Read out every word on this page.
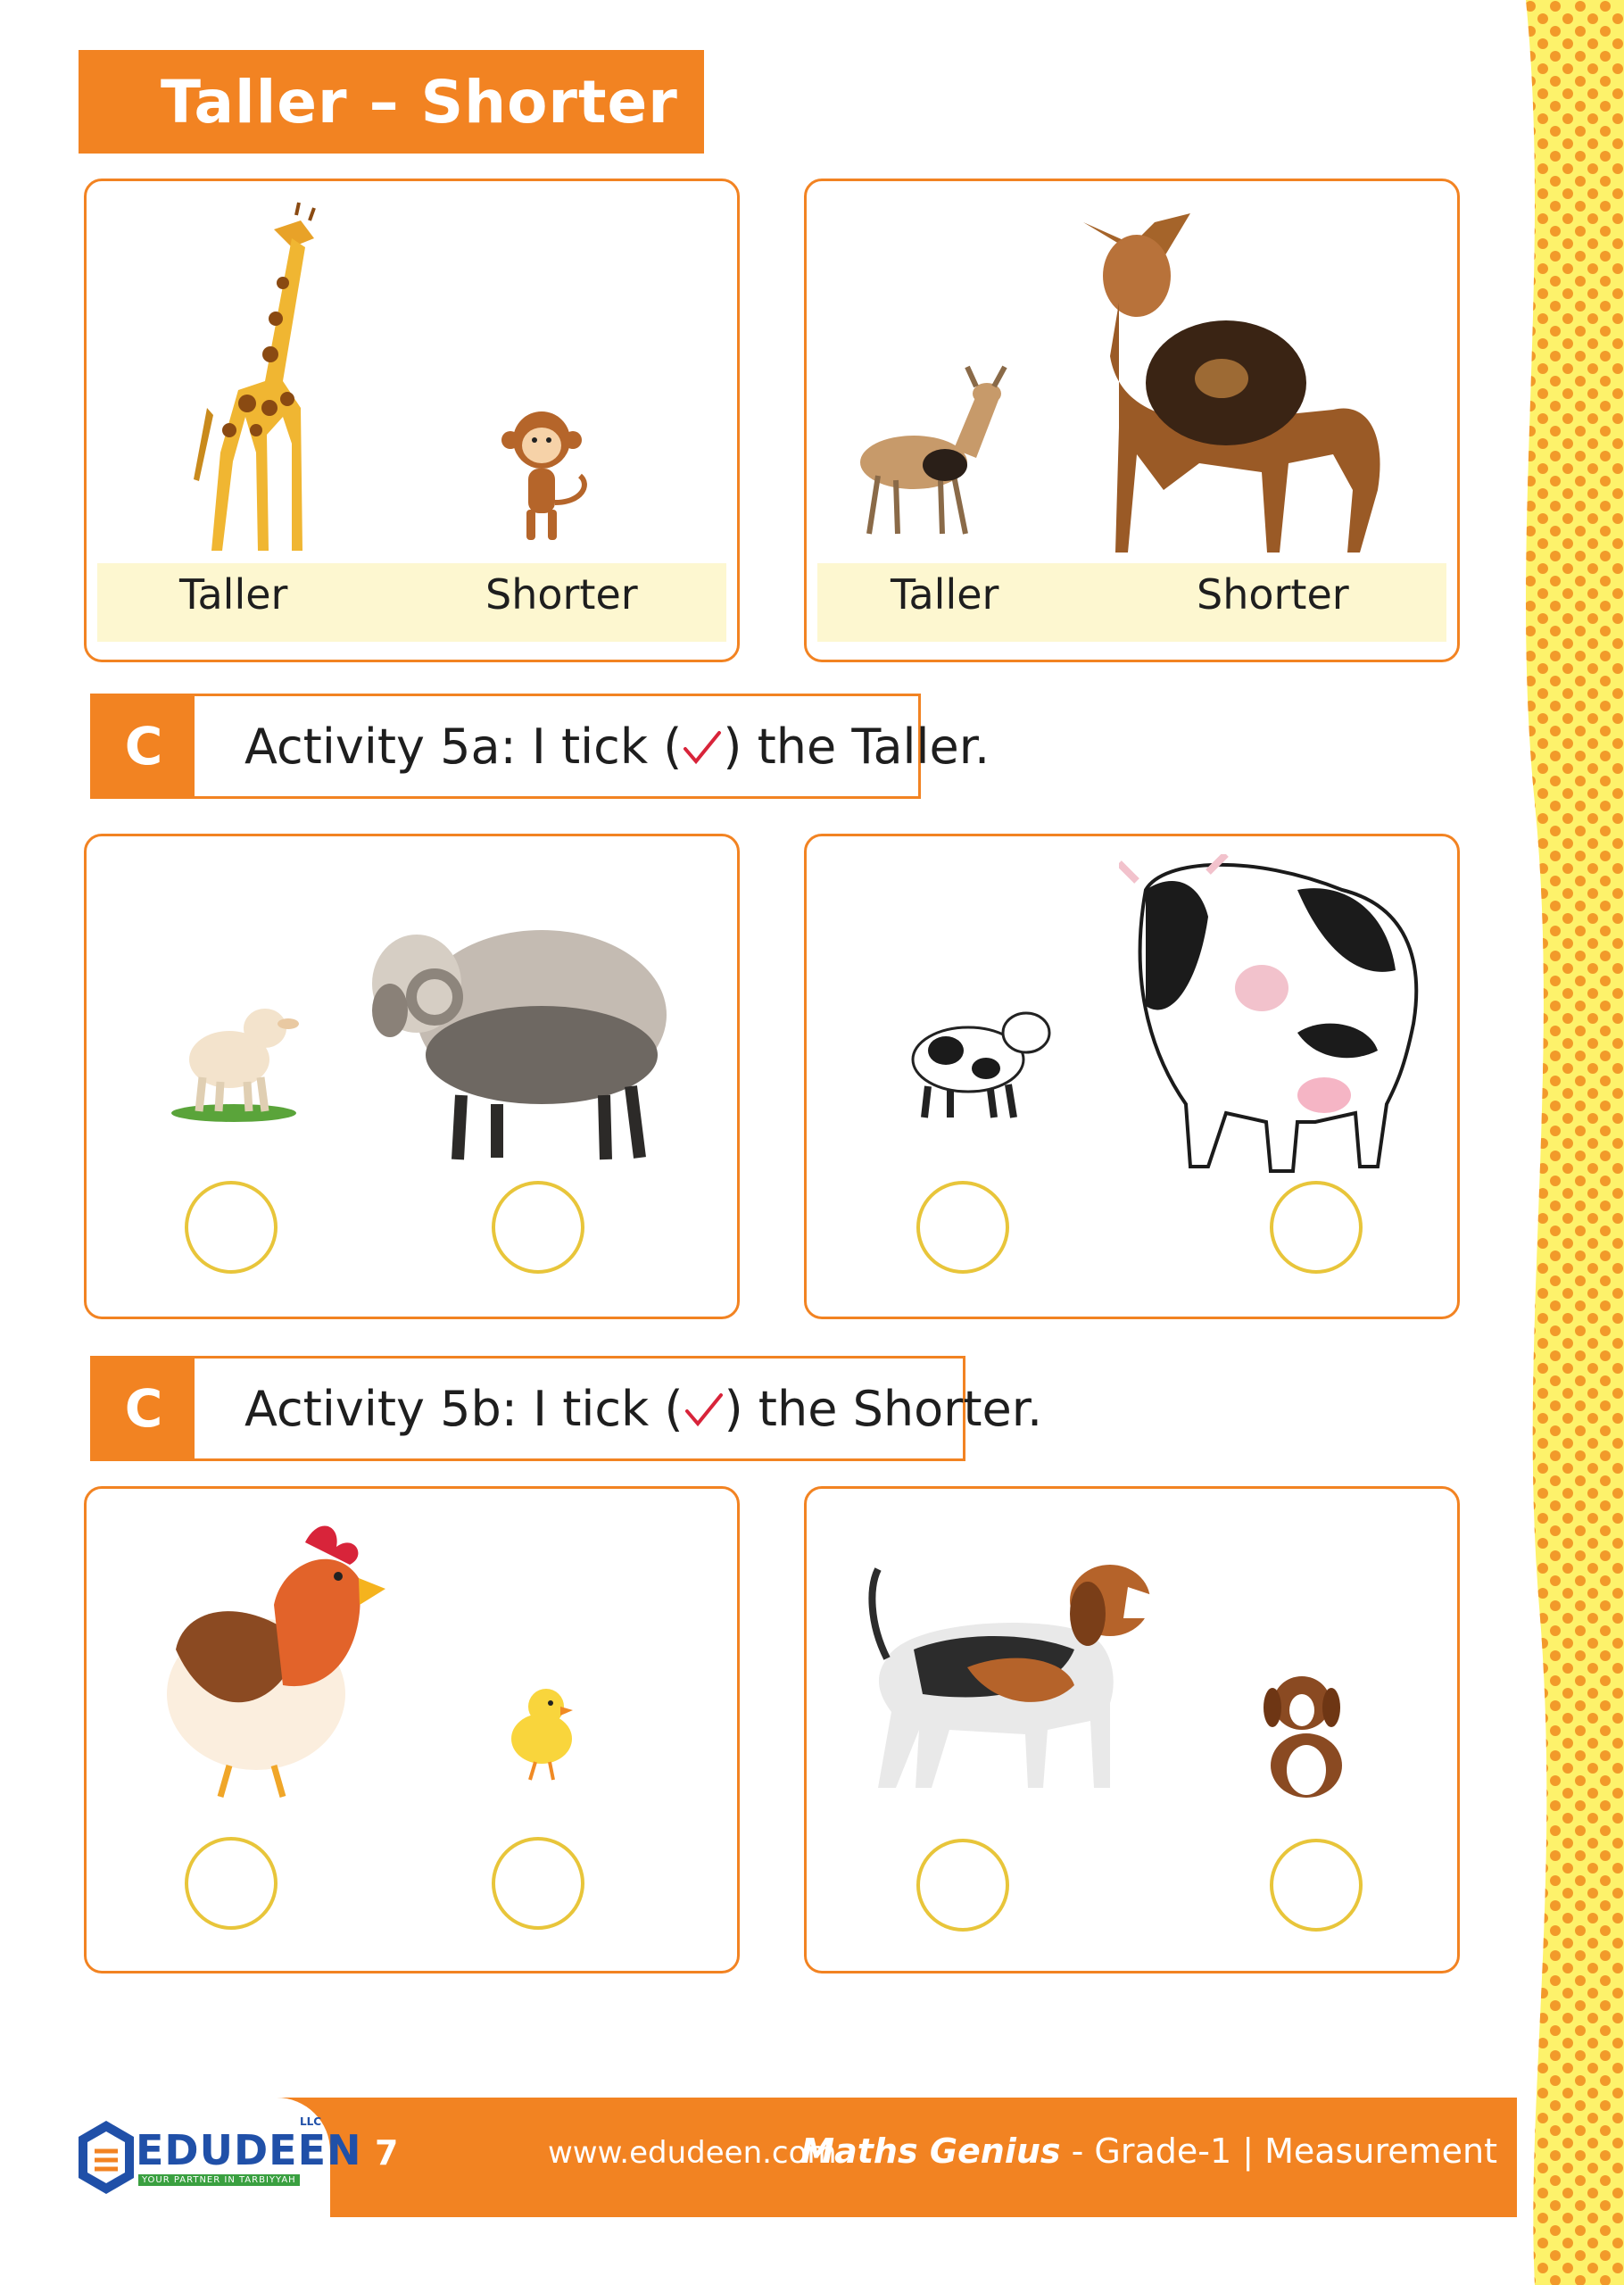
Taller – Shorter
Taller	Shorter	Taller	Shorter
C	Activity 5a: I tick ( ) the Taller.
C	Activity 5b: I tick ( ) the Shorter.
EDUDEEN
LLC
YOUR PARTNER IN TARBIYYAH
7	www.edudeen.com
Maths Genius - Grade-1 | Measurement
